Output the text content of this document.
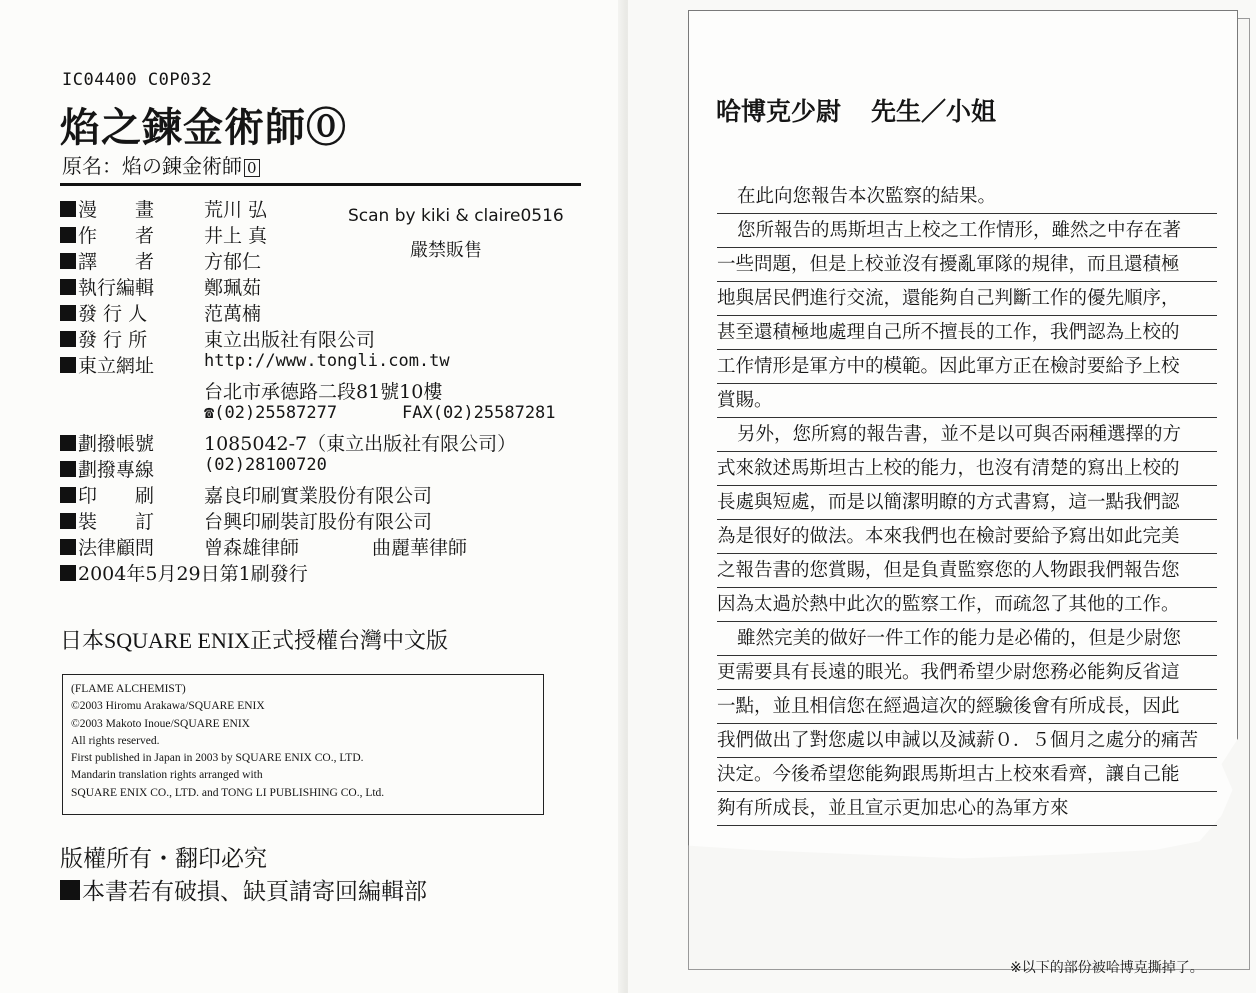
IC04400 C0P032
焰之鍊金術師⓪
原名：焰の錬金術師 0
漫　　畫	荒川 弘
作　　者	井上 真
譯　　者	方郁仁
執行編輯	鄭珮茹
發 行 人	范萬楠
發 行 所	東立出版社有限公司
東立網址	http://www.tongli.com.tw
台北市承德路二段81號10樓
☎(02)25587277	FAX(02)25587281
劃撥帳號	1085042-7（東立出版社有限公司）
劃撥專線	(02)28100720
印　　刷	嘉良印刷實業股份有限公司
裝　　訂	台興印刷裝訂股份有限公司
法律顧問	曾森雄律師	曲麗華律師
2004年5月29日第1刷發行
Scan by kiki & claire0516
嚴禁販售
日本SQUARE ENIX正式授權台灣中文版
(FLAME ALCHEMIST)
©2003 Hiromu Arakawa/SQUARE ENIX
©2003 Makoto Inoue/SQUARE ENIX
All rights reserved.
First published in Japan in 2003 by SQUARE ENIX CO., LTD.
Mandarin translation rights arranged with
SQUARE ENIX CO., LTD. and TONG LI PUBLISHING CO., Ltd.
版權所有・翻印必究
本書若有破損、缺頁請寄回編輯部
哈博克少尉 先生／小姐
在此向您報告本次監察的結果。
您所報告的馬斯坦古上校之工作情形，雖然之中存在著
一些問題，但是上校並沒有擾亂軍隊的規律，而且還積極
地與居民們進行交流，還能夠自己判斷工作的優先順序，
甚至還積極地處理自己所不擅長的工作，我們認為上校的
工作情形是軍方中的模範。因此軍方正在檢討要給予上校
賞賜。
另外，您所寫的報告書，並不是以可與否兩種選擇的方
式來敘述馬斯坦古上校的能力，也沒有清楚的寫出上校的
長處與短處，而是以簡潔明瞭的方式書寫，這一點我們認
為是很好的做法。本來我們也在檢討要給予寫出如此完美
之報告書的您賞賜，但是負責監察您的人物跟我們報告您
因為太過於熱中此次的監察工作，而疏忽了其他的工作。
雖然完美的做好一件工作的能力是必備的，但是少尉您
更需要具有長遠的眼光。我們希望少尉您務必能夠反省這
一點，並且相信您在經過這次的經驗後會有所成長，因此
我們做出了對您處以申誡以及減薪０．５個月之處分的痛苦
決定。今後希望您能夠跟馬斯坦古上校來看齊，讓自己能
夠有所成長，並且宣示更加忠心的為軍方來
※以下的部份被哈博克撕掉了。
